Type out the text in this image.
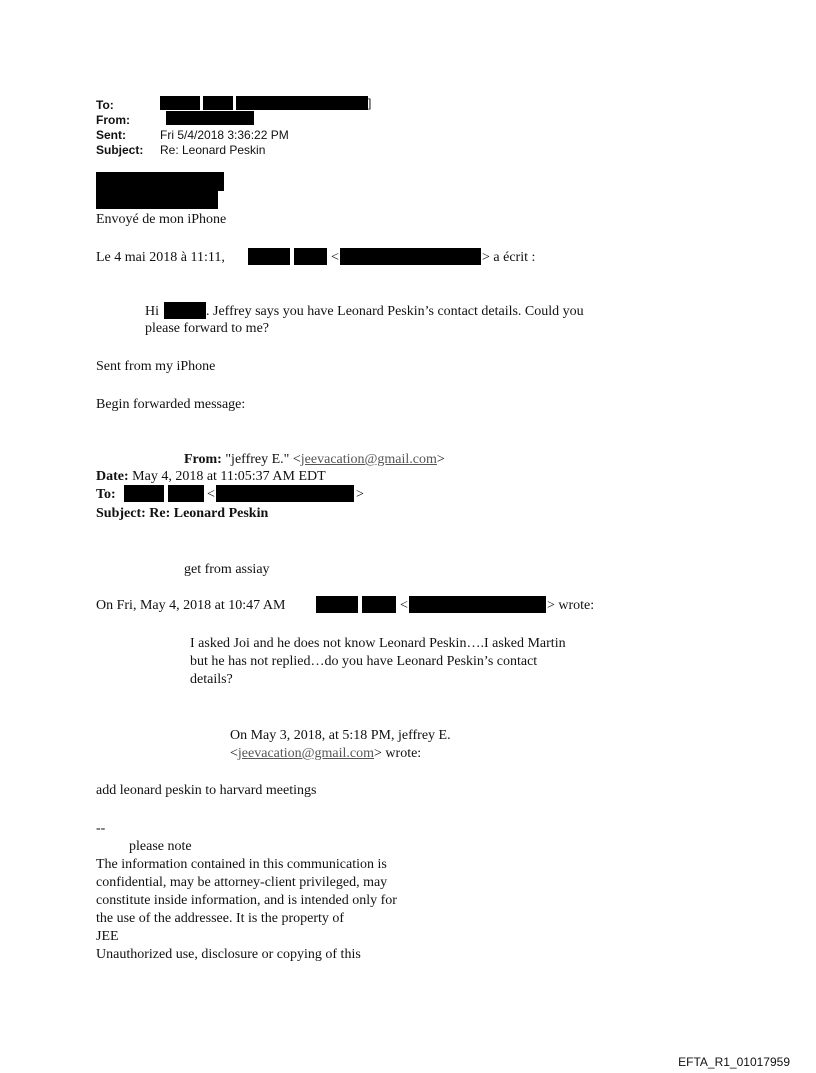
To:	]
From:
Sent:	Fri 5/4/2018 3:36:22 PM
Subject: Re: Leonard Peskin
Envoyé de mon iPhone
Le 4 mai 2018 à 11:11,	<	> a écrit :
Hi	. Jeffrey says you have Leonard Peskin’s contact details. Could you
please forward to me?
Sent from my iPhone
Begin forwarded message:
From: "jeffrey E." <jeevacation@gmail.com>
Date: May 4, 2018 at 11:05:37 AM EDT
To:	<	>
Subject: Re: Leonard Peskin
get from assiay
On Fri, May 4, 2018 at 10:47 AM	<	> wrote:
I asked Joi and he does not know Leonard Peskin….I asked Martin
but he has not replied…do you have Leonard Peskin’s contact
details?
On May 3, 2018, at 5:18 PM, jeffrey E.
<jeevacation@gmail.com> wrote:
add leonard peskin to harvard meetings
--
please note
The information contained in this communication is
confidential, may be attorney-client privileged, may
constitute inside information, and is intended only for
the use of the addressee. It is the property of
JEE
Unauthorized use, disclosure or copying of this
EFTA_R1_01017959
